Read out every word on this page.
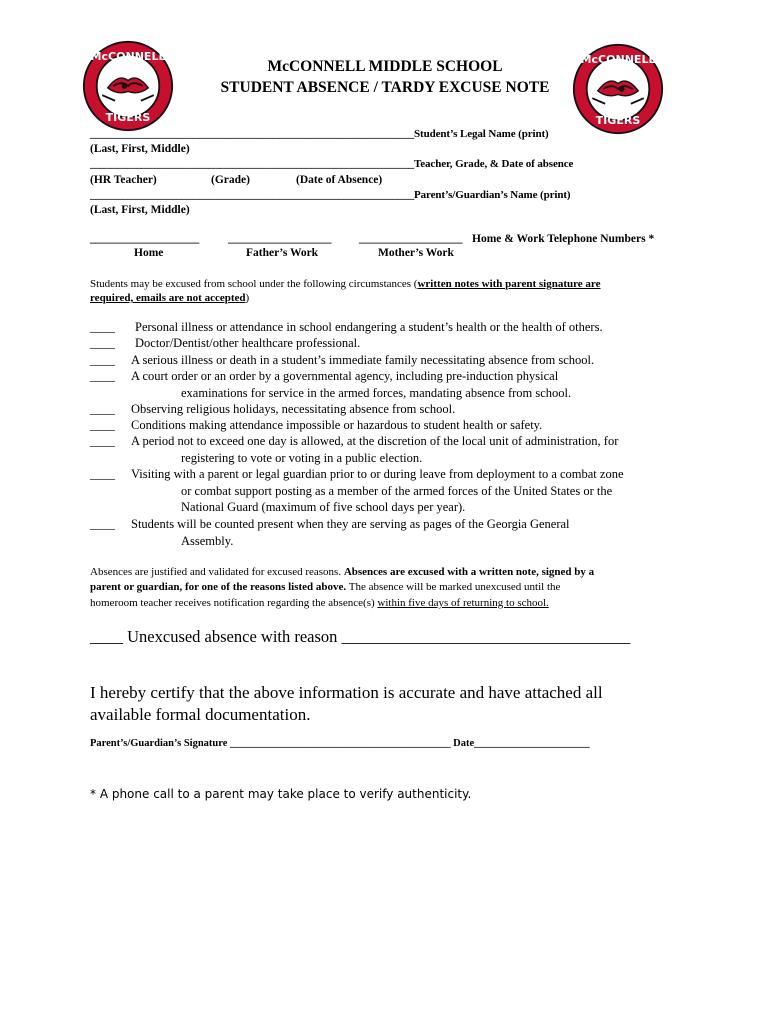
McCONNELL
TIGERS
McCONNELL
TIGERS
McCONNELL MIDDLE SCHOOL
STUDENT ABSENCE / TARDY EXCUSE NOTE
____________________________________________________________Student’s Legal Name (print)
(Last, First, Middle)
____________________________________________________________Teacher, Grade, & Date of absence
(HR Teacher)	(Grade)	(Date of Absence)
____________________________________________________________Parent’s/Guardian’s Name (print)
(Last, First, Middle)
___________________	__________________ __________________ Home & Work Telephone Numbers *
Home	Father’s Work	Mother’s Work
Students may be excused from school under the following circumstances (written notes with parent signature are
required, emails are not accepted)
____ Personal illness or attendance in school endangering a student’s health or the health of others.
____ Doctor/Dentist/other healthcare professional.
____ A serious illness or death in a student’s immediate family necessitating absence from school.
____ A court order or an order by a governmental agency, including pre-induction physical
examinations for service in the armed forces, mandating absence from school.
____ Observing religious holidays, necessitating absence from school.
____ Conditions making attendance impossible or hazardous to student health or safety.
____ A period not to exceed one day is allowed, at the discretion of the local unit of administration, for
registering to vote or voting in a public election.
____ Visiting with a parent or legal guardian prior to or during leave from deployment to a combat zone
or combat support posting as a member of the armed forces of the United States or the
National Guard (maximum of five school days per year).
____ Students will be counted present when they are serving as pages of the Georgia General
Assembly.
Absences are justified and validated for excused reasons. Absences are excused with a written note, signed by a
parent or guardian, for one of the reasons listed above. The absence will be marked unexcused until the
homeroom teacher receives notification regarding the absence(s) within five days of returning to school.
____ Unexcused absence with reason ___________________________________
I hereby certify that the above information is accurate and have attached all
available formal documentation.
Parent’s/Guardian’s Signature __________________________________________ Date______________________
* A phone call to a parent may take place to verify authenticity.
